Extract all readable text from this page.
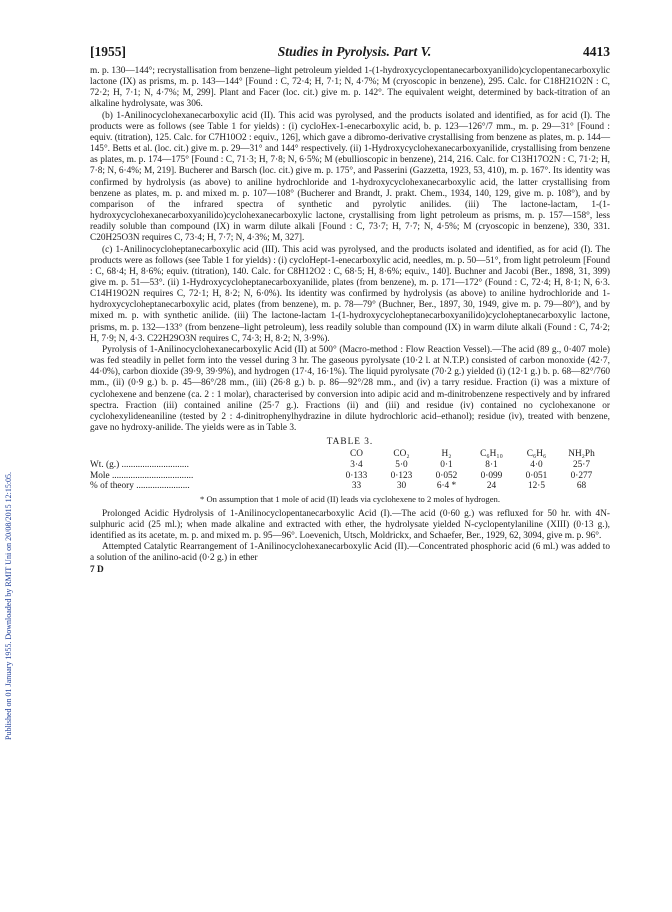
Published on 01 January 1955. Downloaded by RMIT Uni on 20/08/2015 12:15:05.
[1955]	Studies in Pyrolysis. Part V.	4413

m. p. 130—144°; recrystallisation from benzene–light petroleum yielded 1-(1-hydroxycyclopentanecarboxyanilido)cyclopentanecarboxylic lactone (IX) as prisms, m. p. 143—144° [Found : C, 72·4; H, 7·1; N, 4·7%; M (cryoscopic in benzene), 295. Calc. for C18H21O2N : C, 72·2; H, 7·1; N, 4·7%; M, 299]. Plant and Facer (loc. cit.) give m. p. 142°. The equivalent weight, determined by back-titration of an alkaline hydrolysate, was 306.

(b) 1-Anilinocyclohexanecarboxylic acid (II). This acid was pyrolysed, and the products isolated and identified, as for acid (I). The products were as follows (see Table 1 for yields) : (i) cycloHex-1-enecarboxylic acid, b. p. 123—126°/7 mm., m. p. 29—31° [Found : equiv. (titration), 125. Calc. for C7H10O2 : equiv., 126], which gave a dibromo-derivative crystallising from benzene as plates, m. p. 144—145°. Betts et al. (loc. cit.) give m. p. 29—31° and 144° respectively. (ii) 1-Hydroxycyclohexanecarboxyanilide, crystallising from benzene as plates, m. p. 174—175° [Found : C, 71·3; H, 7·8; N, 6·5%; M (ebullioscopic in benzene), 214, 216. Calc. for C13H17O2N : C, 71·2; H, 7·8; N, 6·4%; M, 219]. Bucherer and Barsch (loc. cit.) give m. p. 175°, and Passerini (Gazzetta, 1923, 53, 410), m. p. 167°. Its identity was confirmed by hydrolysis (as above) to aniline hydrochloride and 1-hydroxycyclohexanecarboxylic acid, the latter crystallising from benzene as plates, m. p. and mixed m. p. 107—108° (Bucherer and Brandt, J. prakt. Chem., 1934, 140, 129, give m. p. 108°), and by comparison of the infrared spectra of synthetic and pyrolytic anilides. (iii) The lactone-lactam, 1-(1-hydroxycyclohexanecarboxyanilido)cyclohexanecarboxylic lactone, crystallising from light petroleum as prisms, m. p. 157—158°, less readily soluble than compound (IX) in warm dilute alkali [Found : C, 73·7; H, 7·7; N, 4·5%; M (cryoscopic in benzene), 330, 331. C20H25O3N requires C, 73·4; H, 7·7; N, 4·3%; M, 327].

(c) 1-Anilinocycloheptanecarboxylic acid (III). This acid was pyrolysed, and the products isolated and identified, as for acid (I). The products were as follows (see Table 1 for yields) : (i) cycloHept-1-enecarboxylic acid, needles, m. p. 50—51°, from light petroleum [Found : C, 68·4; H, 8·6%; equiv. (titration), 140. Calc. for C8H12O2 : C, 68·5; H, 8·6%; equiv., 140]. Buchner and Jacobi (Ber., 1898, 31, 399) give m. p. 51—53°. (ii) 1-Hydroxycycloheptanecarboxyanilide, plates (from benzene), m. p. 171—172° (Found : C, 72·4; H, 8·1; N, 6·3. C14H19O2N requires C, 72·1; H, 8·2; N, 6·0%). Its identity was confirmed by hydrolysis (as above) to aniline hydrochloride and 1-hydroxycycloheptanecarboxylic acid, plates (from benzene), m. p. 78—79° (Buchner, Ber., 1897, 30, 1949, give m. p. 79—80°), and by mixed m. p. with synthetic anilide. (iii) The lactone-lactam 1-(1-hydroxycycloheptanecarboxyanilido)cycloheptanecarboxylic lactone, prisms, m. p. 132—133° (from benzene–light petroleum), less readily soluble than compound (IX) in warm dilute alkali (Found : C, 74·2; H, 7·9; N, 4·3. C22H29O3N requires C, 74·3; H, 8·2; N, 3·9%).

Pyrolysis of 1-Anilinocyclohexanecarboxylic Acid (II) at 500° (Macro-method : Flow Reaction Vessel).—The acid (89 g., 0·407 mole) was fed steadily in pellet form into the vessel during 3 hr. The gaseous pyrolysate (10·2 l. at N.T.P.) consisted of carbon monoxide (42·7, 44·0%), carbon dioxide (39·9, 39·9%), and hydrogen (17·4, 16·1%). The liquid pyrolysate (70·2 g.) yielded (i) (12·1 g.) b. p. 68—82°/760 mm., (ii) (0·9 g.) b. p. 45—86°/28 mm., (iii) (26·8 g.) b. p. 86—92°/28 mm., and (iv) a tarry residue. Fraction (i) was a mixture of cyclohexene and benzene (ca. 2 : 1 molar), characterised by conversion into adipic acid and m-dinitrobenzene respectively and by infrared spectra. Fraction (iii) contained aniline (25·7 g.). Fractions (ii) and (iii) and residue (iv) contained no cyclohexanone or cyclohexylideneaniline (tested by 2 : 4-dinitrophenylhydrazine in dilute hydrochloric acid–ethanol); residue (iv), treated with benzene, gave no hydroxy-anilide. The yields were as in Table 3.

TABLE 3.
	CO	CO₂	H₂	C₆H₁₀	C₆H₆	NH₂Ph
Wt. (g.) .............................	3·4	5·0	0·1	8·1	4·0	25·7
Mole ...................................	0·133	0·123	0·052	0·099	0·051	0·277
% of theory .......................	33	30	6·4 *	24	12·5	68
* On assumption that 1 mole of acid (II) leads via cyclohexene to 2 moles of hydrogen.

Prolonged Acidic Hydrolysis of 1-Anilinocyclopentanecarboxylic Acid (I).—The acid (0·60 g.) was refluxed for 50 hr. with 4N-sulphuric acid (25 ml.); when made alkaline and extracted with ether, the hydrolysate yielded N-cyclopentylaniline (XIII) (0·13 g.), identified as its acetate, m. p. and mixed m. p. 95—96°. Loevenich, Utsch, Moldrickx, and Schaefer, Ber., 1929, 62, 3094, give m. p. 96°.

Attempted Catalytic Rearrangement of 1-Anilinocyclohexanecarboxylic Acid (II).—Concentrated phosphoric acid (6 ml.) was added to a solution of the anilino-acid (0·2 g.) in ether

7 D
